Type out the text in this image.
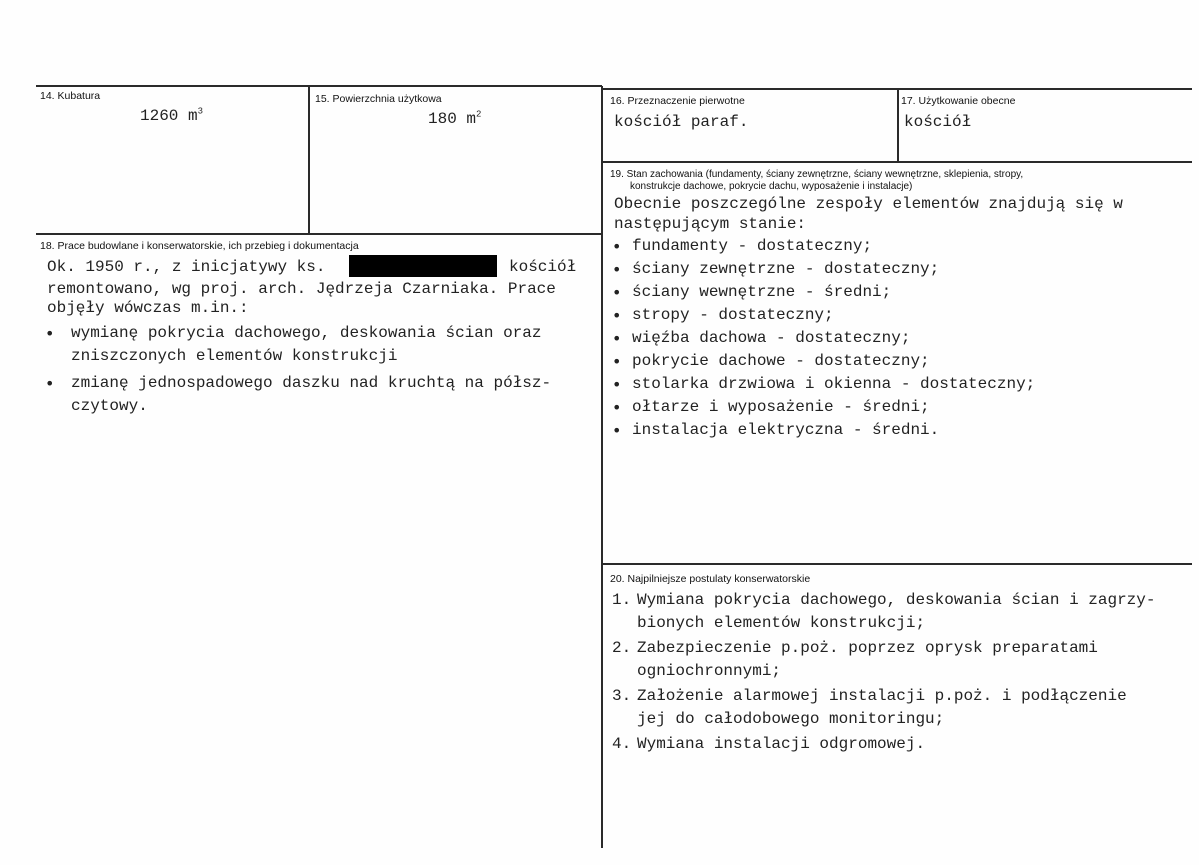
14. Kubatura
1260 $m^3$
15. Powierzchnia użytkowa
180 $m^2$
16. Przeznaczenie pierwotne
kościół paraf.
17. Użytkowanie obecne
kościół
19. Stan zachowania (fundamenty, ściany zewnętrzne, ściany wewnętrzne, sklepienia, stropy,
konstrukcje dachowe, pokrycie dachu, wyposażenie i instalacje)
Obecnie poszczególne zespoły elementów znajdują się w
następującym stanie:
• fundamenty - dostateczny;
• ściany zewnętrzne - dostateczny;
• ściany wewnętrzne - średni;
• stropy - dostateczny;
• więźba dachowa - dostateczny;
• pokrycie dachowe - dostateczny;
• stolarka drzwiowa i okienna - dostateczny;
• ołtarze i wyposażenie - średni;
• instalacja elektryczna - średni.
18. Prace budowlane i konserwatorskie, ich przebieg i dokumentacja
Ok. 1950 r., z inicjatywy ks.	kościół
remontowano, wg proj. arch. Jędrzeja Czarniaka. Prace
objęły wówczas m.in.:
• wymianę pokrycia dachowego, deskowania ścian oraz
zniszczonych elementów konstrukcji
• zmianę jednospadowego daszku nad kruchtą na półsz-
czytowy.
20. Najpilniejsze postulaty konserwatorskie
1. Wymiana pokrycia dachowego, deskowania ścian i zagrzy-
bionych elementów konstrukcji;
2. Zabezpieczenie p.poż. poprzez oprysk preparatami
ogniochronnymi;
3. Założenie alarmowej instalacji p.poż. i podłączenie
jej do całodobowego monitoringu;
4. Wymiana instalacji odgromowej.
